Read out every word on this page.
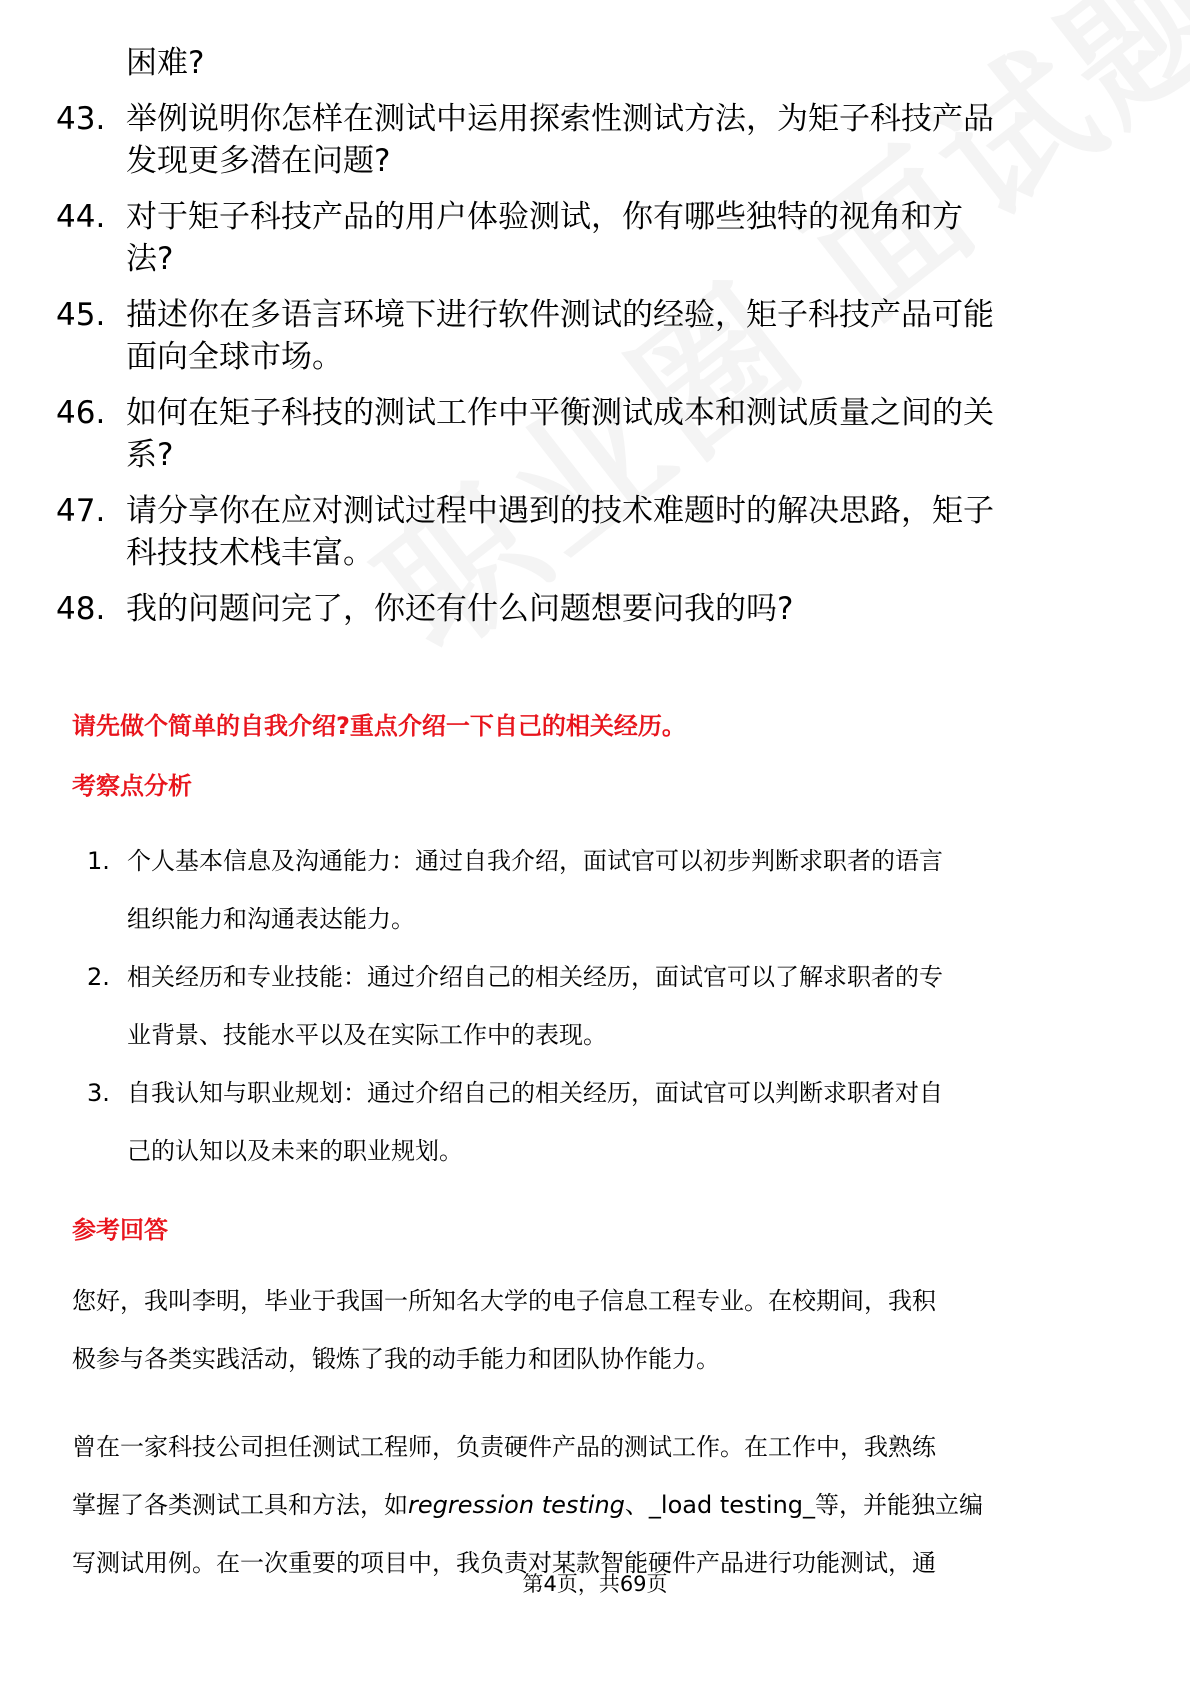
困难?
43. 举例说明你怎样在测试中运用探索性测试方法，为矩子科技产品
发现更多潜在问题?
44. 对于矩子科技产品的用户体验测试，你有哪些独特的视角和方
法?
45. 描述你在多语言环境下进行软件测试的经验，矩子科技产品可能
面向全球市场。
46. 如何在矩子科技的测试工作中平衡测试成本和测试质量之间的关
系?
47. 请分享你在应对测试过程中遇到的技术难题时的解决思路，矩子
科技技术栈丰富。
48. 我的问题问完了，你还有什么问题想要问我的吗?
请先做个简单的自我介绍?重点介绍一下自己的相关经历。
考察点分析
1. 个人基本信息及沟通能力：通过自我介绍，面试官可以初步判断求职者的语言
组织能力和沟通表达能力。
2. 相关经历和专业技能：通过介绍自己的相关经历，面试官可以了解求职者的专
业背景、技能水平以及在实际工作中的表现。
3. 自我认知与职业规划：通过介绍自己的相关经历，面试官可以判断求职者对自
己的认知以及未来的职业规划。
参考回答
您好，我叫李明，毕业于我国一所知名大学的电子信息工程专业。在校期间，我积
极参与各类实践活动，锻炼了我的动手能力和团队协作能力。
曾在一家科技公司担任测试工程师，负责硬件产品的测试工作。在工作中，我熟练
掌握了各类测试工具和方法，如regression testing、_load testing_等，并能独立编
写测试用例。在一次重要的项目中，我负责对某款智能硬件产品进行功能测试，通
第4页，共69页
